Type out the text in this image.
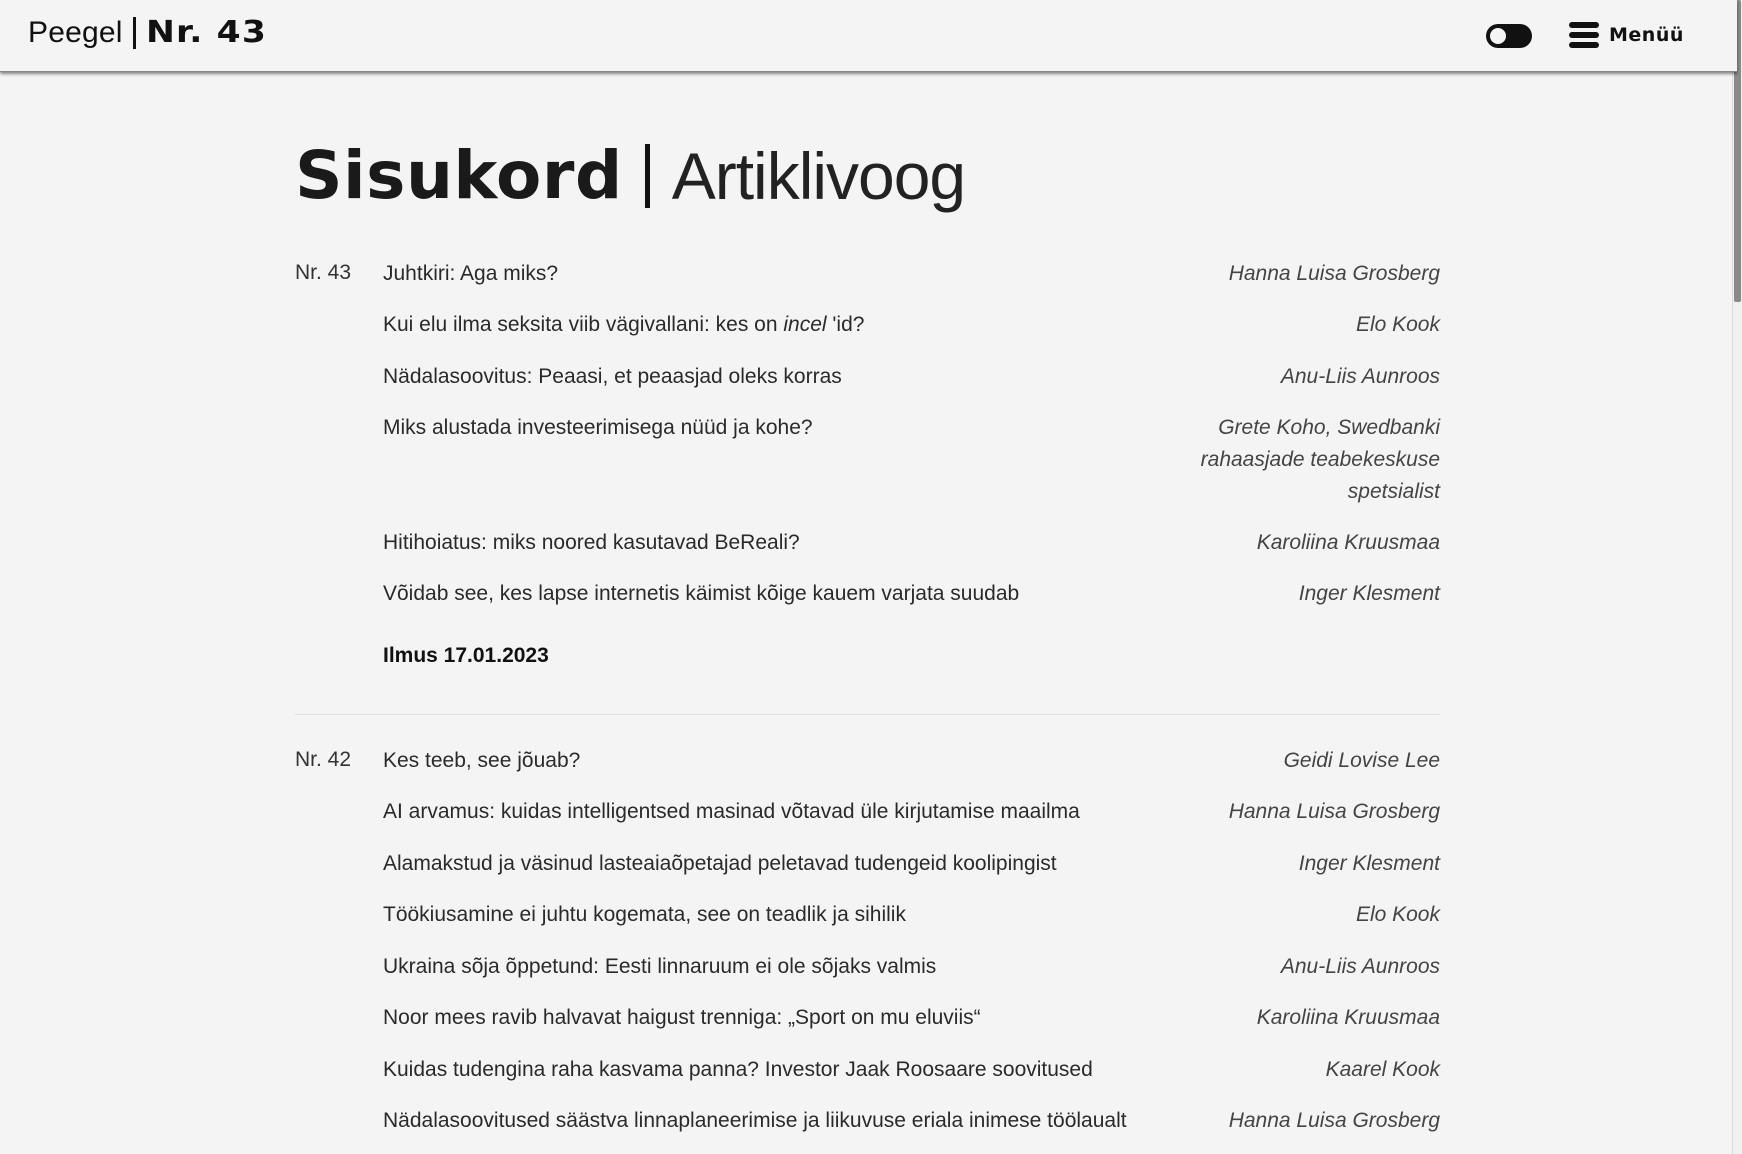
Peegel Nr. 43	Menüü
Sisukord Artiklivoog
Nr. 43 Juhtkiri: Aga miks?	Hanna Luisa Grosberg
Kui elu ilma seksita viib vägivallani: kes on incel 'id?	Elo Kook
Nädalasoovitus: Peaasi, et peaasjad oleks korras	Anu-Liis Aunroos
Miks alustada investeerimisega nüüd ja kohe?	Grete Koho, Swedbanki rahaasjade teabekeskuse spetsialist
Hitihoiatus: miks noored kasutavad BeReali?	Karoliina Kruusmaa
Võidab see, kes lapse internetis käimist kõige kauem varjata suudab	Inger Klesment
Ilmus 17.01.2023
Nr. 42 Kes teeb, see jõuab?	Geidi Lovise Lee
AI arvamus: kuidas intelligentsed masinad võtavad üle kirjutamise maailma	Hanna Luisa Grosberg
Alamakstud ja väsinud lasteaiaõpetajad peletavad tudengeid koolipingist	Inger Klesment
Töökiusamine ei juhtu kogemata, see on teadlik ja sihilik	Elo Kook
Ukraina sõja õppetund: Eesti linnaruum ei ole sõjaks valmis	Anu-Liis Aunroos
Noor mees ravib halvavat haigust trenniga: „Sport on mu eluviis“	Karoliina Kruusmaa
Kuidas tudengina raha kasvama panna? Investor Jaak Roosaare soovitused	Kaarel Kook
Nädalasoovitused säästva linnaplaneerimise ja liikuvuse eriala inimese töölaualt	Hanna Luisa Grosberg
